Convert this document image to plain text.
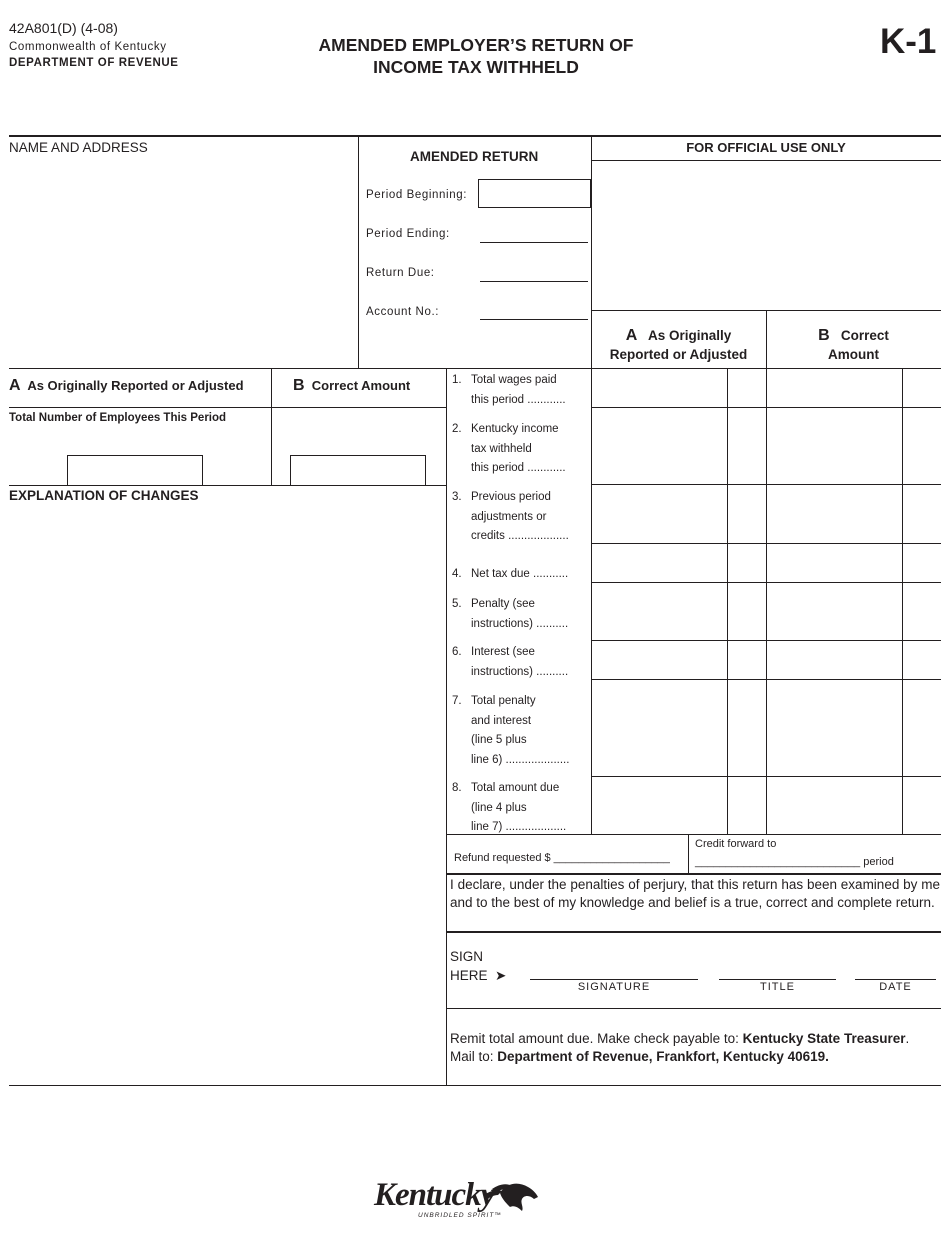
42A801(D) (4-08)
Commonwealth of Kentucky
DEPARTMENT OF REVENUE
AMENDED EMPLOYER’S RETURN OF
INCOME TAX WITHHELD
K-1
NAME AND ADDRESS
AMENDED RETURN
Period Beginning:
Period Ending:
Return Due:
Account No.:
FOR OFFICIAL USE ONLY
A As Originally
Reported or Adjusted
B Correct
Amount
A As Originally Reported or Adjusted	B Correct Amount
Total Number of Employees This Period
EXPLANATION OF CHANGES
1. Total wages paid
this period ............
2. Kentucky income
tax withheld
this period ............
3. Previous period
adjustments or
credits ...................
4. Net tax due ...........
5. Penalty (see
instructions) ..........
6. Interest (see
instructions) ..........
7. Total penalty
and interest
(line 5 plus
line 6) ....................
8. Total amount due
(line 4 plus
line 7) ...................
Refund requested $ ___________________
Credit forward to
___________________________ period
I declare, under the penalties of perjury, that this return has been examined by me and to the best of my knowledge and belief is a true, correct and complete return.
SIGN
HERE ➤
SIGNATURE	TITLE	DATE
Remit total amount due. Make check payable to: Kentucky State Treasurer.
Mail to: Department of Revenue, Frankfort, Kentucky 40619.
Kentucky
UNBRIDLED SPIRIT™
